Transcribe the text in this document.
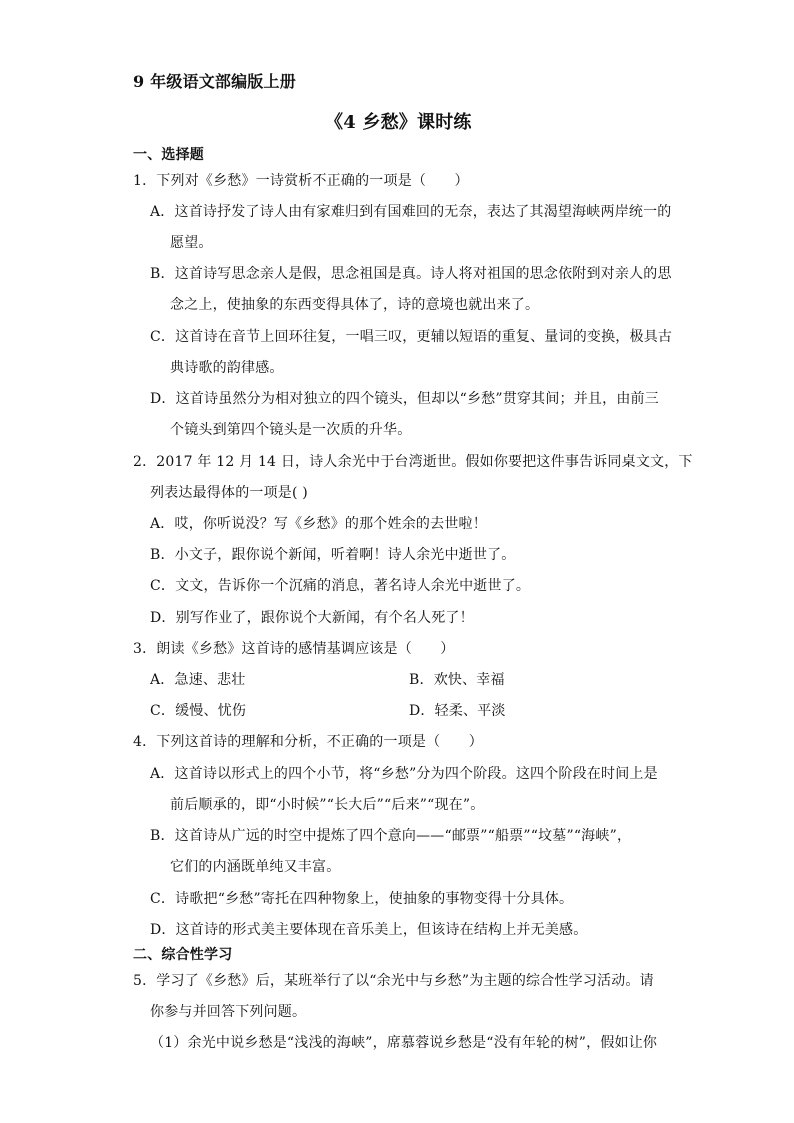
9 年级语文部编版上册
《4 乡愁》课时练
一、选择题
1．下列对《乡愁》一诗赏析不正确的一项是（　　）
A．这首诗抒发了诗人由有家难归到有国难回的无奈，表达了其渴望海峡两岸统一的
愿望。
B．这首诗写思念亲人是假，思念祖国是真。诗人将对祖国的思念依附到对亲人的思
念之上，使抽象的东西变得具体了，诗的意境也就出来了。
C．这首诗在音节上回环往复，一唱三叹，更辅以短语的重复、量词的变换，极具古
典诗歌的韵律感。
D．这首诗虽然分为相对独立的四个镜头，但却以“乡愁”贯穿其间；并且，由前三
个镜头到第四个镜头是一次质的升华。
2．2017 年 12 月 14 日，诗人余光中于台湾逝世。假如你要把这件事告诉同桌文文，下
列表达最得体的一项是( )
A．哎，你听说没？写《乡愁》的那个姓余的去世啦！
B．小文子，跟你说个新闻，听着啊！诗人余光中逝世了。
C．文文，告诉你一个沉痛的消息，著名诗人余光中逝世了。
D．别写作业了，跟你说个大新闻，有个名人死了！
3．朗读《乡愁》这首诗的感情基调应该是（　　）
A．急速、悲壮	B．欢快、幸福
C．缓慢、忧伤	D．轻柔、平淡
4．下列这首诗的理解和分析，不正确的一项是（　　）
A．这首诗以形式上的四个小节，将“乡愁”分为四个阶段。这四个阶段在时间上是
前后顺承的，即“小时候”“长大后”“后来”“现在”。
B．这首诗从广远的时空中提炼了四个意向——“邮票”“船票”“坟墓”“海峡”，
它们的内涵既单纯又丰富。
C．诗歌把“乡愁”寄托在四种物象上，使抽象的事物变得十分具体。
D．这首诗的形式美主要体现在音乐美上，但该诗在结构上并无美感。
二、综合性学习
5．学习了《乡愁》后，某班举行了以“余光中与乡愁”为主题的综合性学习活动。请
你参与并回答下列问题。
（1）余光中说乡愁是“浅浅的海峡”，席慕蓉说乡愁是“没有年轮的树”，假如让你
